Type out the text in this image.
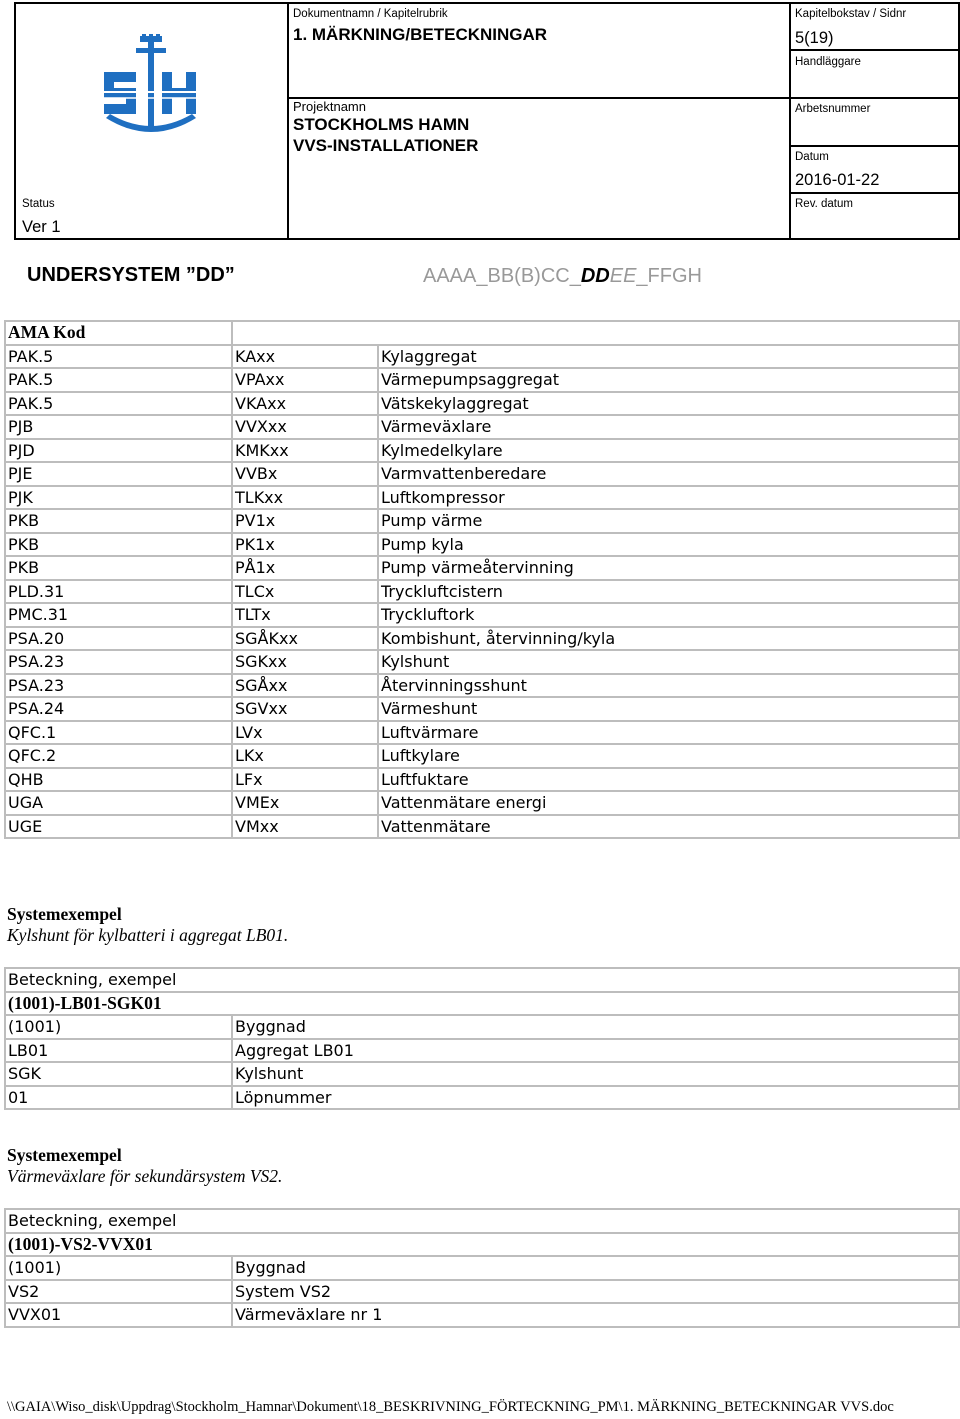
Status
Ver 1
Dokumentnamn / Kapitelrubrik
1. MÄRKNING/BETECKNINGAR
Projektnamn
STOCKHOLMS HAMN
VVS-INSTALLATIONER
Kapitelbokstav / Sidnr
5(19)
Handläggare
Arbetsnummer
Datum
2016-01-22
Rev. datum
UNDERSYSTEM ”DD”	AAAA_BB(B)CC_DDEE_FFGH
AMA Kod		
PAK.5	KAxx	Kylaggregat
PAK.5	VPAxx	Värmepumpsaggregat
PAK.5	VKAxx	Vätskekylaggregat
PJB	VVXxx	Värmeväxlare
PJD	KMKxx	Kylmedelkylare
PJE	VVBx	Varmvattenberedare
PJK	TLKxx	Luftkompressor
PKB	PV1x	Pump värme
PKB	PK1x	Pump kyla
PKB	PÅ1x	Pump värmeåtervinning
PLD.31	TLCx	Tryckluftcistern
PMC.31	TLTx	Tryckluftork
PSA.20	SGÅKxx	Kombishunt, återvinning/kyla
PSA.23	SGKxx	Kylshunt
PSA.23	SGÅxx	Återvinningsshunt
PSA.24	SGVxx	Värmeshunt
QFC.1	LVx	Luftvärmare
QFC.2	LKx	Luftkylare
QHB	LFx	Luftfuktare
UGA	VMEx	Vattenmätare energi
UGE	VMxx	Vattenmätare
Systemexempel
Kylshunt för kylbatteri i aggregat LB01.
Beteckning, exempel	
(1001)-LB01-SGK01	
(1001)	Byggnad
LB01	Aggregat LB01
SGK	Kylshunt
01	Löpnummer
Systemexempel
Värmeväxlare för sekundärsystem VS2.
Beteckning, exempel	
(1001)-VS2-VVX01	
(1001)	Byggnad
VS2	System VS2
VVX01	Värmeväxlare nr 1
\\GAIA\Wiso_disk\Uppdrag\Stockholm_Hamnar\Dokument\18_BESKRIVNING_FÖRTECKNING_PM\1. MÄRKNING_BETECKNINGAR VVS.doc
